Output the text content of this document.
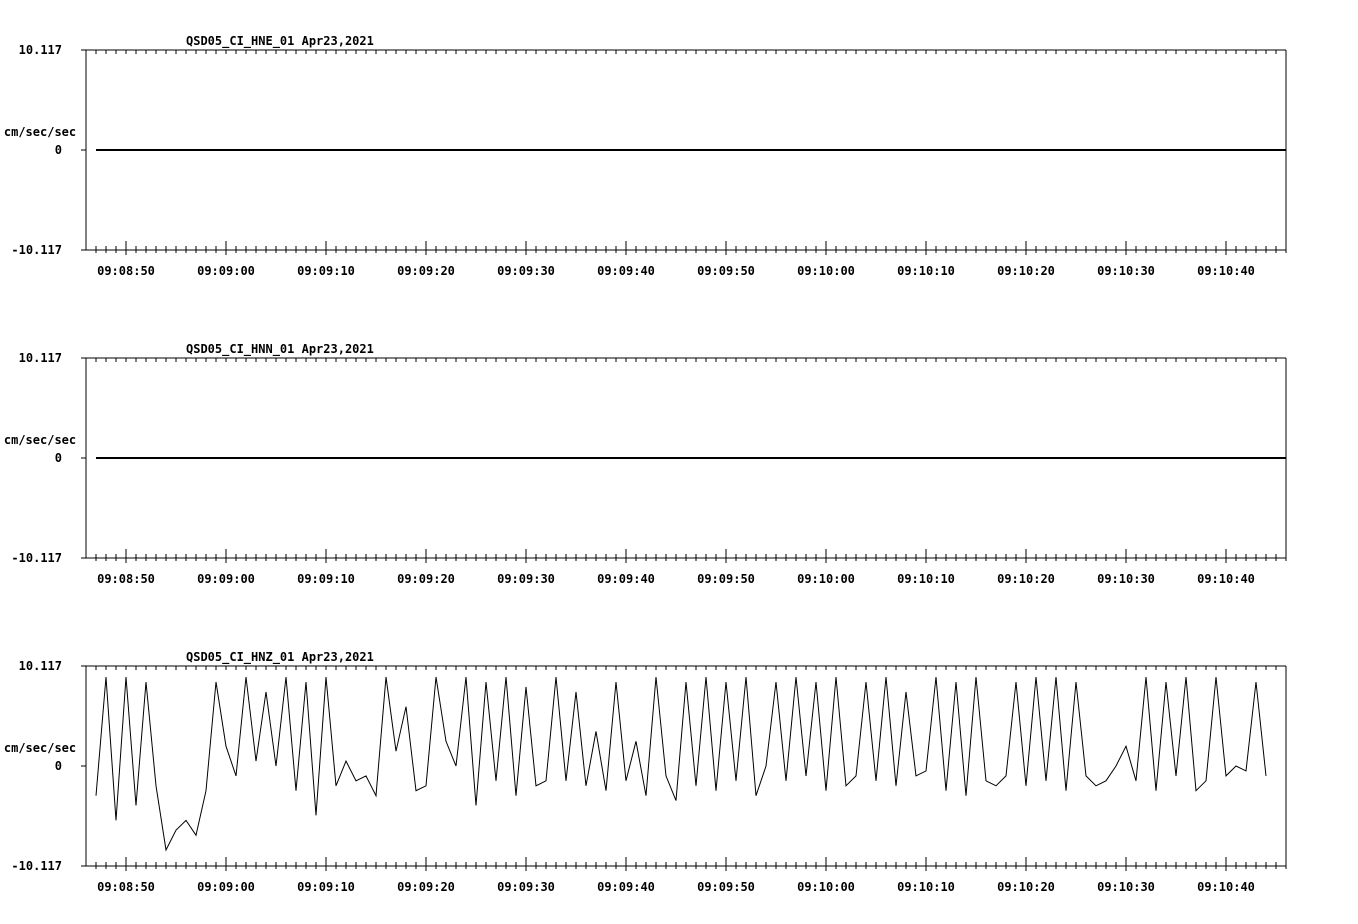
10.117
0
-10.117
cm/sec/sec
QSD05_CI_HNE_01 Apr23,2021
09:08:50	09:09:00	09:09:10	09:09:20	09:09:30	09:09:40	09:09:50	09:10:00	09:10:10	09:10:20	09:10:30	09:10:40
10.117
0
-10.117
cm/sec/sec
QSD05_CI_HNN_01 Apr23,2021
09:08:50	09:09:00	09:09:10	09:09:20	09:09:30	09:09:40	09:09:50	09:10:00	09:10:10	09:10:20	09:10:30	09:10:40
10.117
0
-10.117
cm/sec/sec
QSD05_CI_HNZ_01 Apr23,2021
09:08:50	09:09:00	09:09:10	09:09:20	09:09:30	09:09:40	09:09:50	09:10:00	09:10:10	09:10:20	09:10:30	09:10:40
